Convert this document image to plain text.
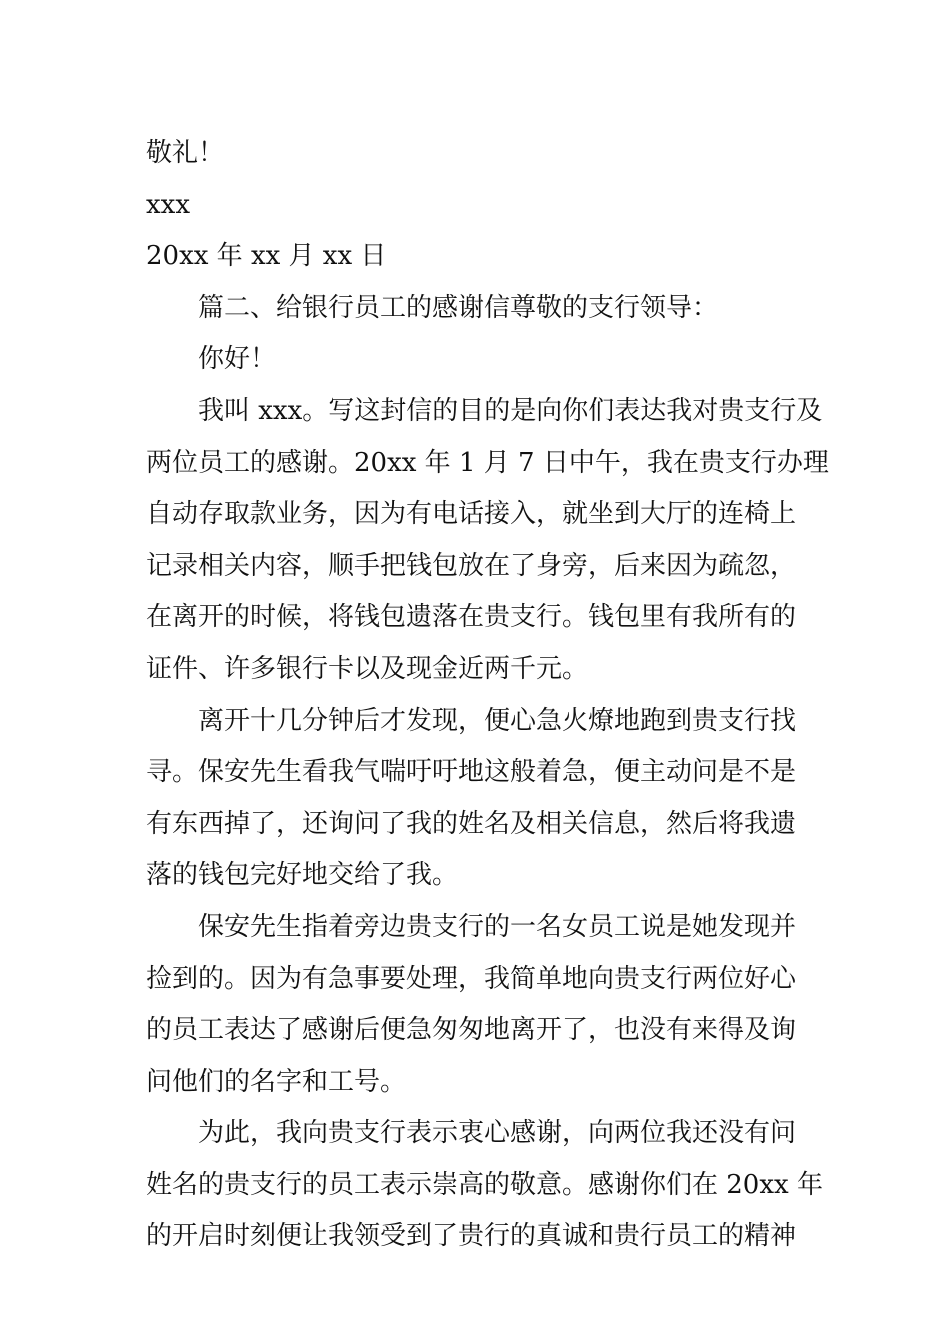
敬礼！
xxx
20xx 年 xx 月 xx 日
篇二、给银行员工的感谢信尊敬的支行领导：
你好！
我叫 xxx。写这封信的目的是向你们表达我对贵支行及
两位员工的感谢。20xx 年 1 月 7 日中午，我在贵支行办理
自动存取款业务，因为有电话接入，就坐到大厅的连椅上
记录相关内容，顺手把钱包放在了身旁，后来因为疏忽，
在离开的时候，将钱包遗落在贵支行。钱包里有我所有的
证件、许多银行卡以及现金近两千元。
离开十几分钟后才发现，便心急火燎地跑到贵支行找
寻。保安先生看我气喘吁吁地这般着急，便主动问是不是
有东西掉了，还询问了我的姓名及相关信息，然后将我遗
落的钱包完好地交给了我。
保安先生指着旁边贵支行的一名女员工说是她发现并
捡到的。因为有急事要处理，我简单地向贵支行两位好心
的员工表达了感谢后便急匆匆地离开了，也没有来得及询
问他们的名字和工号。
为此，我向贵支行表示衷心感谢，向两位我还没有问
姓名的贵支行的员工表示崇高的敬意。感谢你们在 20xx 年
的开启时刻便让我领受到了贵行的真诚和贵行员工的精神
